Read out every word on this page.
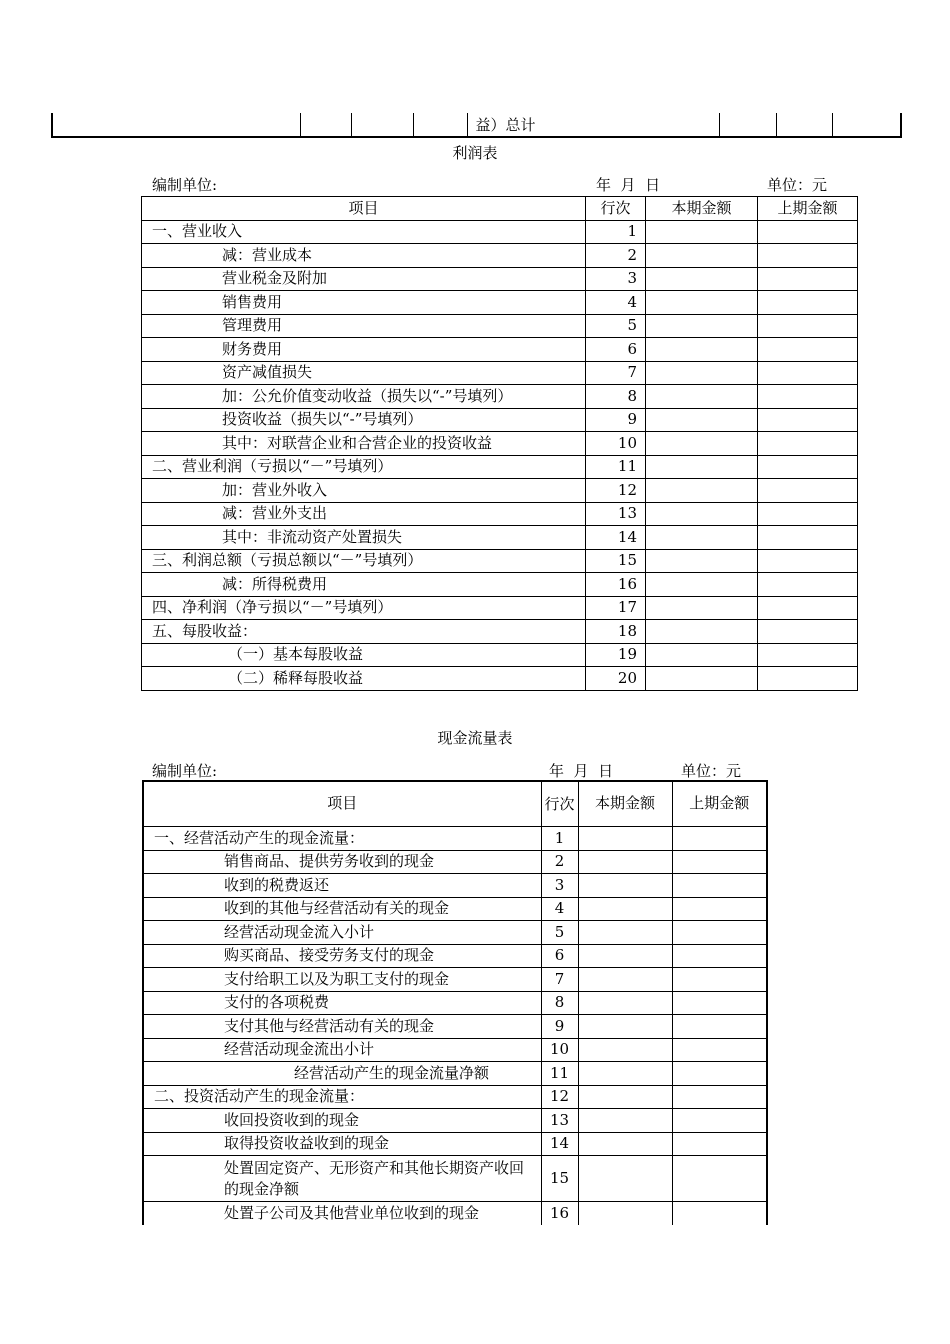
				益）总计			
利润表
编制单位:	年  月  日	单位：元
项目	行次	本期金额	上期金额
一、营业收入	1		
减：营业成本	2		
营业税金及附加	3		
销售费用	4		
管理费用	5		
财务费用	6		
资产减值损失	7		
加：公允价值变动收益（损失以“-”号填列）	8		
投资收益（损失以“-”号填列）	9		
其中：对联营企业和合营企业的投资收益	10		
二、营业利润（亏损以“－”号填列）	11		
加：营业外收入	12		
减：营业外支出	13		
其中：非流动资产处置损失	14		
三、利润总额（亏损总额以“－”号填列）	15		
减：所得税费用	16		
四、净利润（净亏损以“－”号填列）	17		
五、每股收益：	18		
（一）基本每股收益	19		
（二）稀释每股收益	20		
现金流量表
编制单位:	年  月  日	单位：元
项目	行次	本期金额	上期金额
一、经营活动产生的现金流量：	1		
销售商品、提供劳务收到的现金	2		
收到的税费返还	3		
收到的其他与经营活动有关的现金	4		
经营活动现金流入小计	5		
购买商品、接受劳务支付的现金	6		
支付给职工以及为职工支付的现金	7		
支付的各项税费	8		
支付其他与经营活动有关的现金	9		
经营活动现金流出小计	10		
经营活动产生的现金流量净额	11		
二、投资活动产生的现金流量：	12		
收回投资收到的现金	13		
取得投资收益收到的现金	14		
处置固定资产、无形资产和其他长期资产收回的现金净额	15		
处置子公司及其他营业单位收到的现金	16		
